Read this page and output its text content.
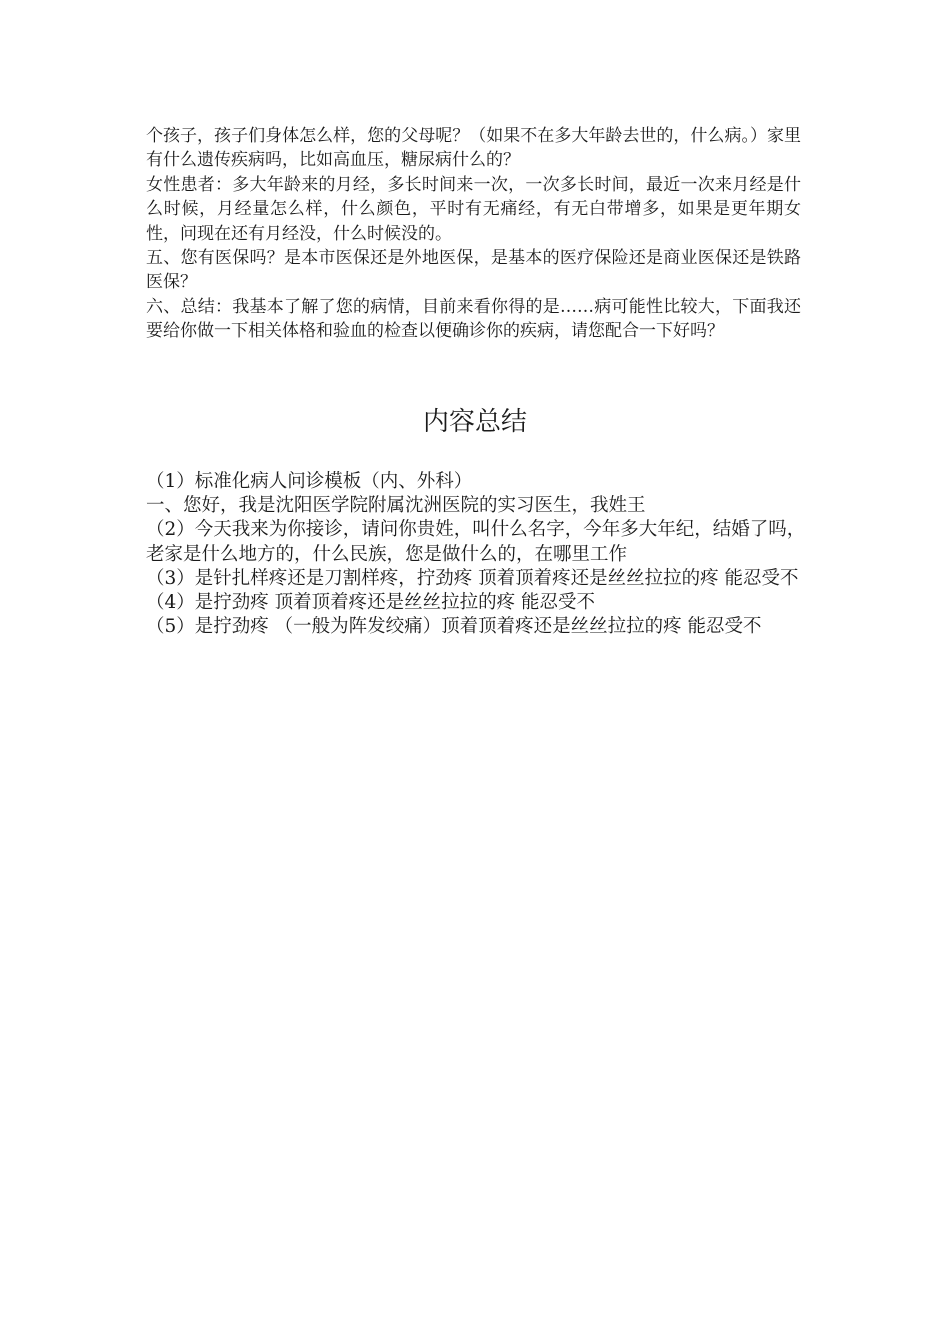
个孩子，孩子们身体怎么样，您的父母呢？（如果不在多大年龄去世的，什么病。）家里有什么遗传疾病吗，比如高血压，糖尿病什么的？

女性患者：多大年龄来的月经，多长时间来一次，一次多长时间，最近一次来月经是什么时候，月经量怎么样，什么颜色，平时有无痛经，有无白带增多，如果是更年期女性，问现在还有月经没，什么时候没的。

五、您有医保吗？是本市医保还是外地医保，是基本的医疗保险还是商业医保还是铁路医保？

六、总结：我基本了解了您的病情，目前来看你得的是……病可能性比较大，下面我还要给你做一下相关体格和验血的检查以便确诊你的疾病，请您配合一下好吗？

内容总结

（1）标准化病人问诊模板（内、外科）

一、您好，我是沈阳医学院附属沈洲医院的实习医生，我姓王

（2）今天我来为你接诊，请问你贵姓，叫什么名字，今年多大年纪，结婚了吗，老家是什么地方的，什么民族，您是做什么的，在哪里工作

（3）是针扎样疼还是刀割样疼，拧劲疼 顶着顶着疼还是丝丝拉拉的疼 能忍受不

（4）是拧劲疼 顶着顶着疼还是丝丝拉拉的疼 能忍受不

（5）是拧劲疼 （一般为阵发绞痛）顶着顶着疼还是丝丝拉拉的疼 能忍受不
